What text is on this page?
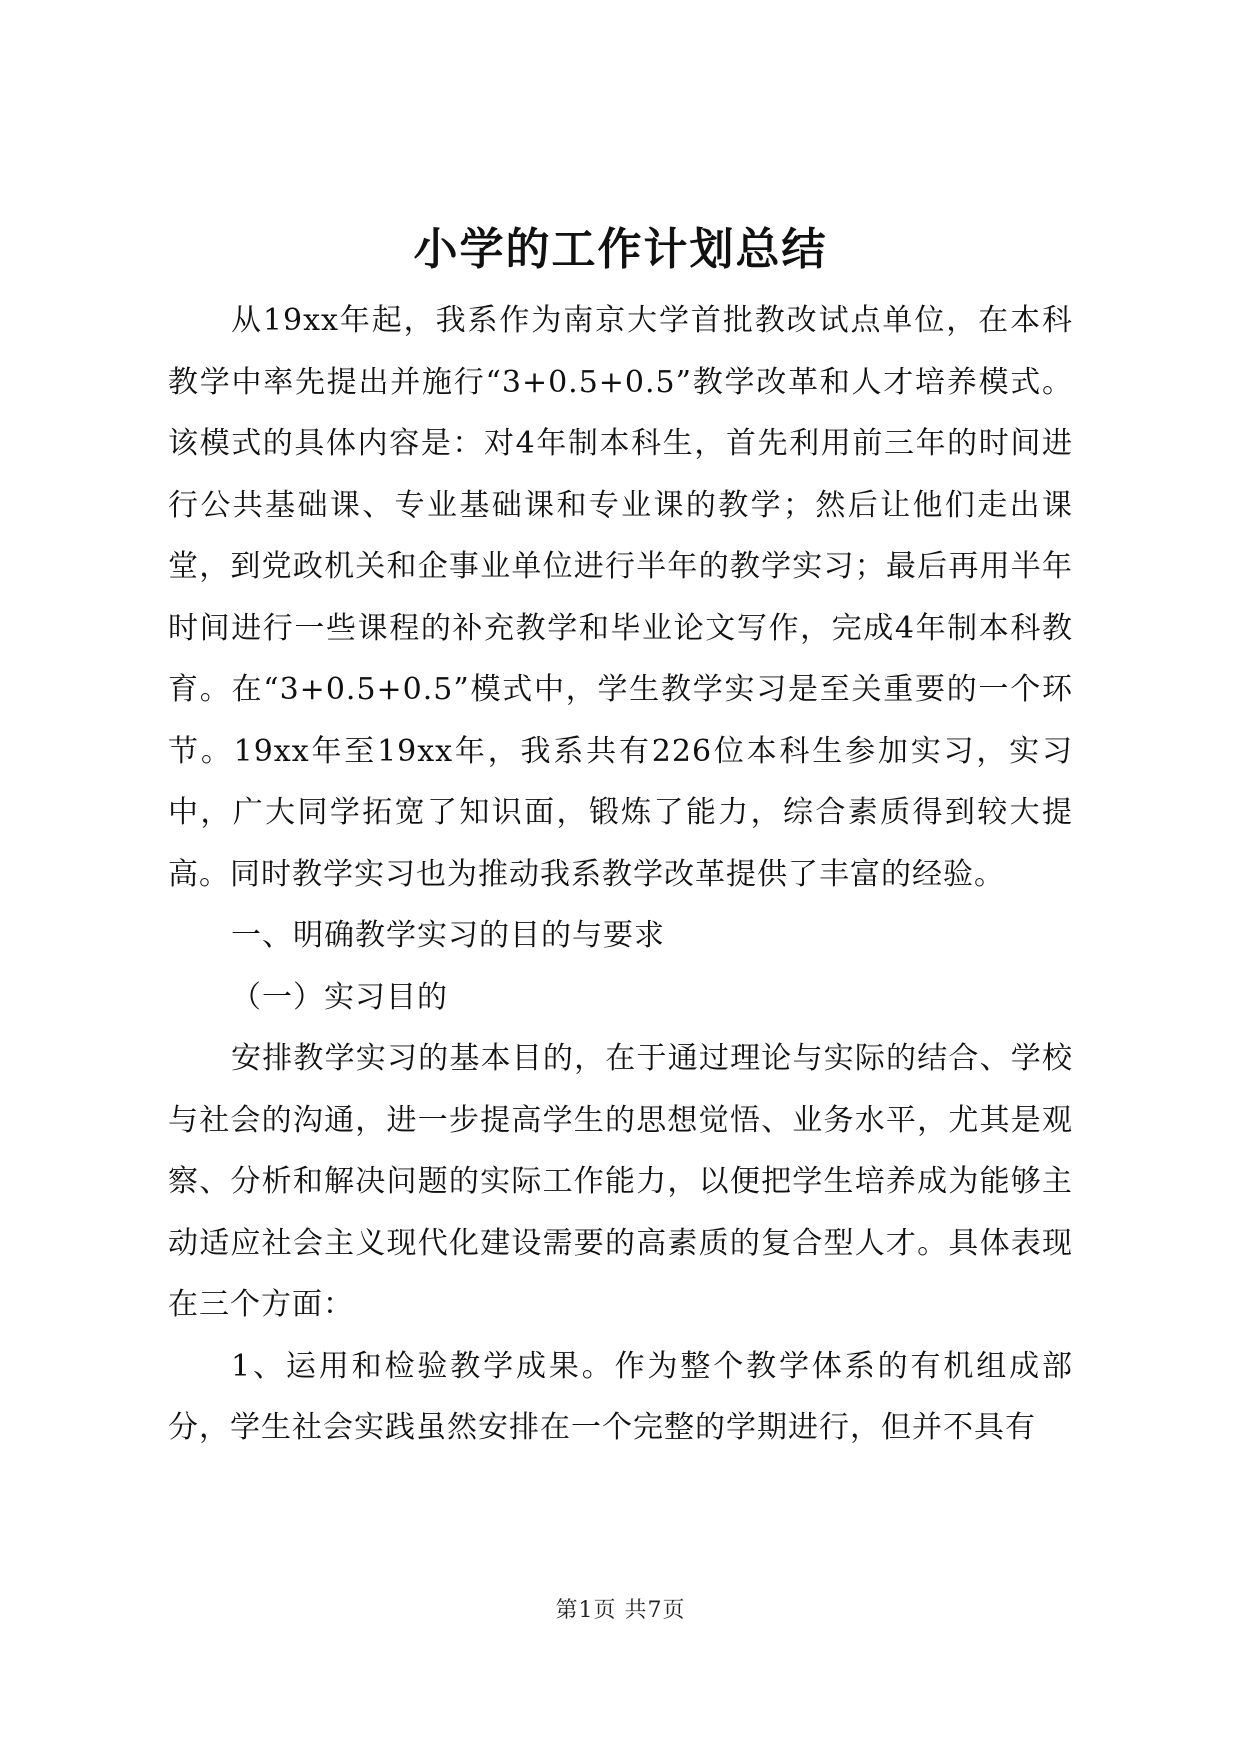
小学的工作计划总结

从19xx年起，我系作为南京大学首批教改试点单位，在本科教学中率先提出并施行“3+0.5+0.5”教学改革和人才培养模式。该模式的具体内容是：对4年制本科生，首先利用前三年的时间进行公共基础课、专业基础课和专业课的教学；然后让他们走出课堂，到党政机关和企事业单位进行半年的教学实习；最后再用半年时间进行一些课程的补充教学和毕业论文写作，完成4年制本科教育。在“3+0.5+0.5”模式中，学生教学实习是至关重要的一个环节。19xx年至19xx年，我系共有226位本科生参加实习，实习中，广大同学拓宽了知识面，锻炼了能力，综合素质得到较大提高。同时教学实习也为推动我系教学改革提供了丰富的经验。

一、明确教学实习的目的与要求

（一）实习目的

安排教学实习的基本目的，在于通过理论与实际的结合、学校与社会的沟通，进一步提高学生的思想觉悟、业务水平，尤其是观察、分析和解决问题的实际工作能力，以便把学生培养成为能够主动适应社会主义现代化建设需要的高素质的复合型人才。具体表现在三个方面：

1、运用和检验教学成果。作为整个教学体系的有机组成部分，学生社会实践虽然安排在一个完整的学期进行，但并不具有

第1页 共7页
